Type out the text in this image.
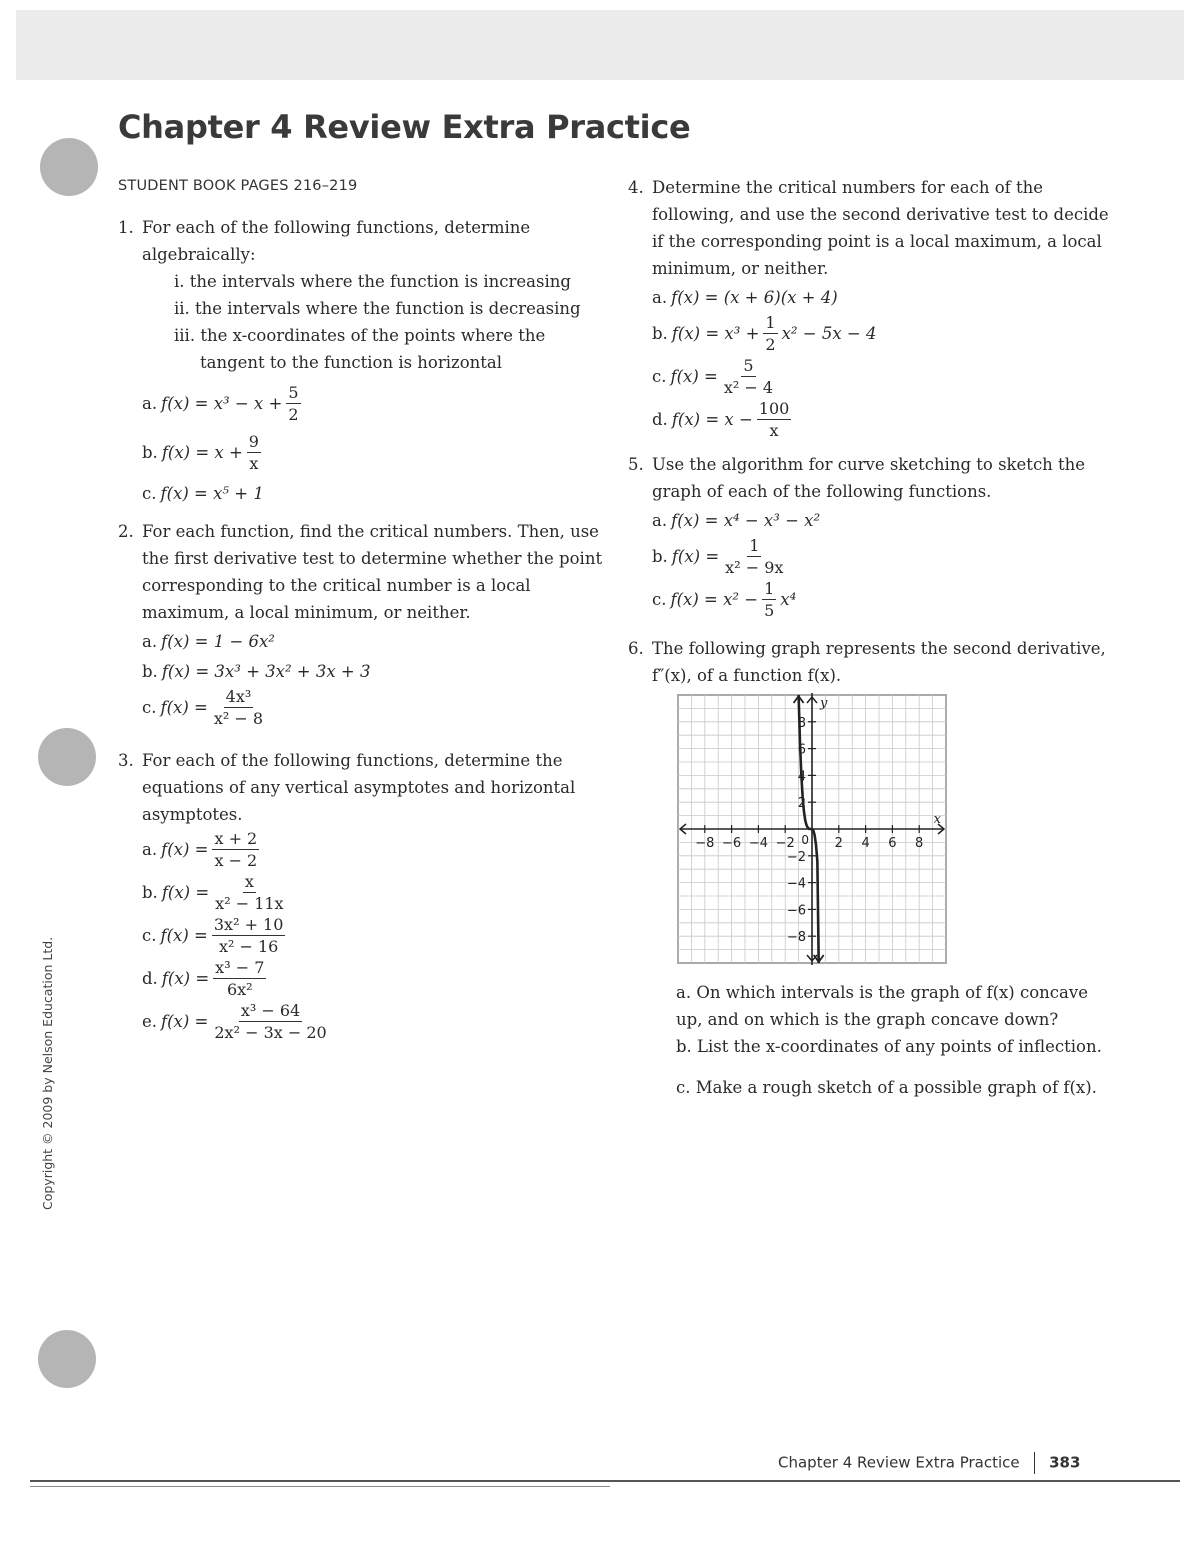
Chapter 4 Review Extra Practice
STUDENT BOOK PAGES 216–219
1. For each of the following functions, determine algebraically:
i. the intervals where the function is increasing
ii. the intervals where the function is decreasing
iii. the x-coordinates of the points where the tangent to the function is horizontal
a. $f(x) = x^3 - x + \frac{5}{2}$
b. $f(x) = x + \frac{9}{x}$
c. f(x) = x⁵ + 1
2. For each function, find the critical numbers. Then, use the first derivative test to determine whether the point corresponding to the critical number is a local maximum, a local minimum, or neither.
a. f(x) = 1 − 6x²
b. f(x) = 3x³ + 3x² + 3x + 3
c. $f(x) = \frac{\text{4x³}}{\text{x² − 8}}$
3. For each of the following functions, determine the equations of any vertical asymptotes and horizontal asymptotes.
a. $f(x) = \frac{x + 2}{x - 2}$
b. $f(x) = \frac{x}{\text{x² − 11x}}$
c. $f(x) = \frac{\text{3x² + 10}}{\text{x² − 16}}$
d. $f(x) = \frac{\text{x³ − 7}}{\text{6x²}}$
e. $f(x) = \frac{\text{x³ − 64}}{\text{2x² − 3x − 20}}$
4. Determine the critical numbers for each of the following, and use the second derivative test to decide if the corresponding point is a local maximum, a local minimum, or neither.
a. f(x) = (x + 6)(x + 4)
b. $f(x) = x^3 + \frac{1}{2} x^2 - 5x - 4$
c. $f(x) = \frac{5}{\text{x² − 4}}$
d. $f(x) = x - \frac{100}{x}$
5. Use the algorithm for curve sketching to sketch the graph of each of the following functions.
a. f(x) = x⁴ − x³ − x²
b. $f(x) = \frac{1}{\text{x² − 9x}}$
c. $f(x) = x^2 - \frac{1}{5} x^4$
6. The following graph represents the second derivative, f″(x), of a function f(x).
−8 −6 −4 −2	2 4 6 8
8
6
4
2
−2
−4
−6
−8
0
x
y
a. On which intervals is the graph of f(x) concave up, and on which is the graph concave down?
b. List the x-coordinates of any points of inflection.
c. Make a rough sketch of a possible graph of f(x).
Copyright © 2009 by Nelson Education Ltd.
Chapter 4 Review Extra Practice 383
